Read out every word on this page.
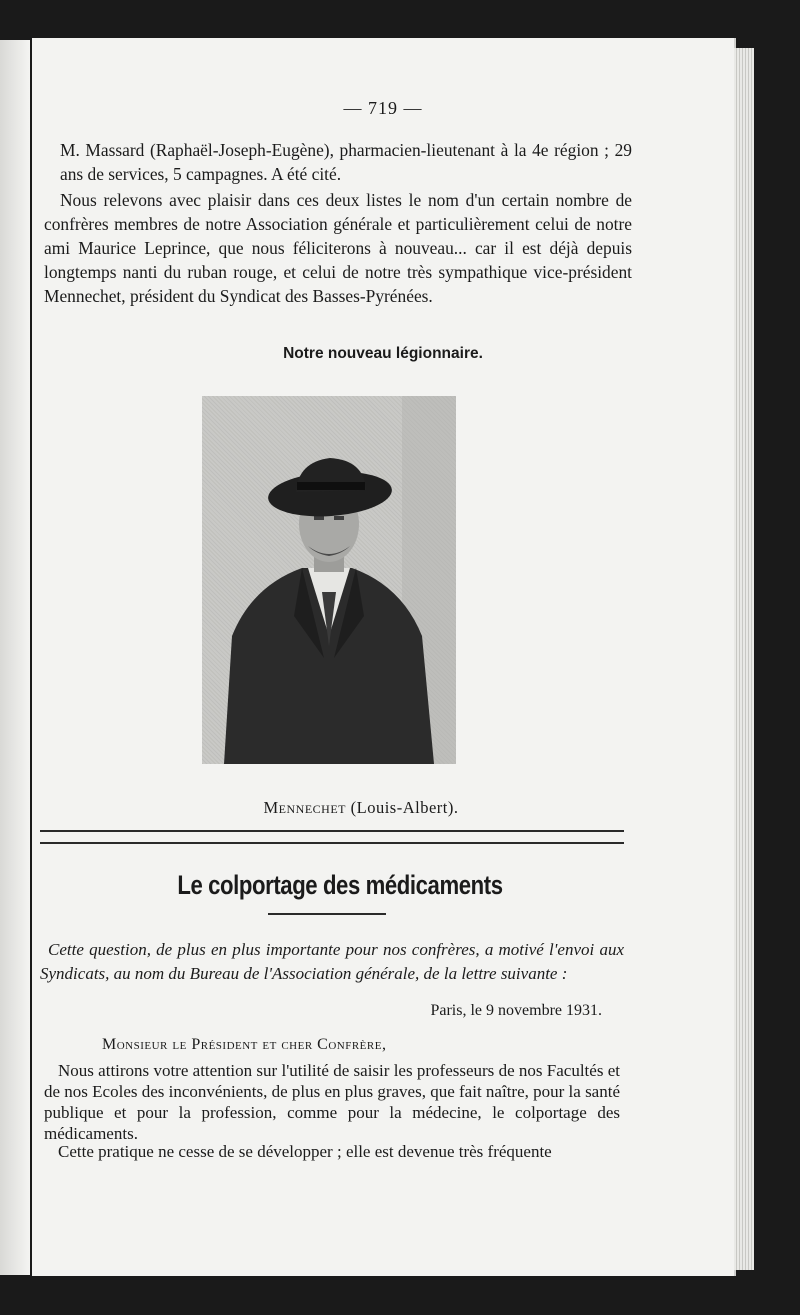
— 719 —
M. Massard (Raphaël-Joseph-Eugène), pharmacien-lieutenant à la 4e région ; 29 ans de services, 5 campagnes. A été cité.
Nous relevons avec plaisir dans ces deux listes le nom d'un certain nombre de confrères membres de notre Association générale et particulièrement celui de notre ami Maurice Leprince, que nous féliciterons à nouveau... car il est déjà depuis longtemps nanti du ruban rouge, et celui de notre très sympathique vice-président Mennechet, président du Syndicat des Basses-Pyrénées.
Notre nouveau légionnaire.
Mennechet (Louis-Albert).
Le colportage des médicaments
Cette question, de plus en plus importante pour nos confrères, a motivé l'envoi aux Syndicats, au nom du Bureau de l'Association générale, de la lettre suivante :
Paris, le 9 novembre 1931.
Monsieur le Président et cher Confrère,
Nous attirons votre attention sur l'utilité de saisir les professeurs de nos Facultés et de nos Ecoles des inconvénients, de plus en plus graves, que fait naître, pour la santé publique et pour la profession, comme pour la médecine, le colportage des médicaments.
Cette pratique ne cesse de se développer ; elle est devenue très fréquente
